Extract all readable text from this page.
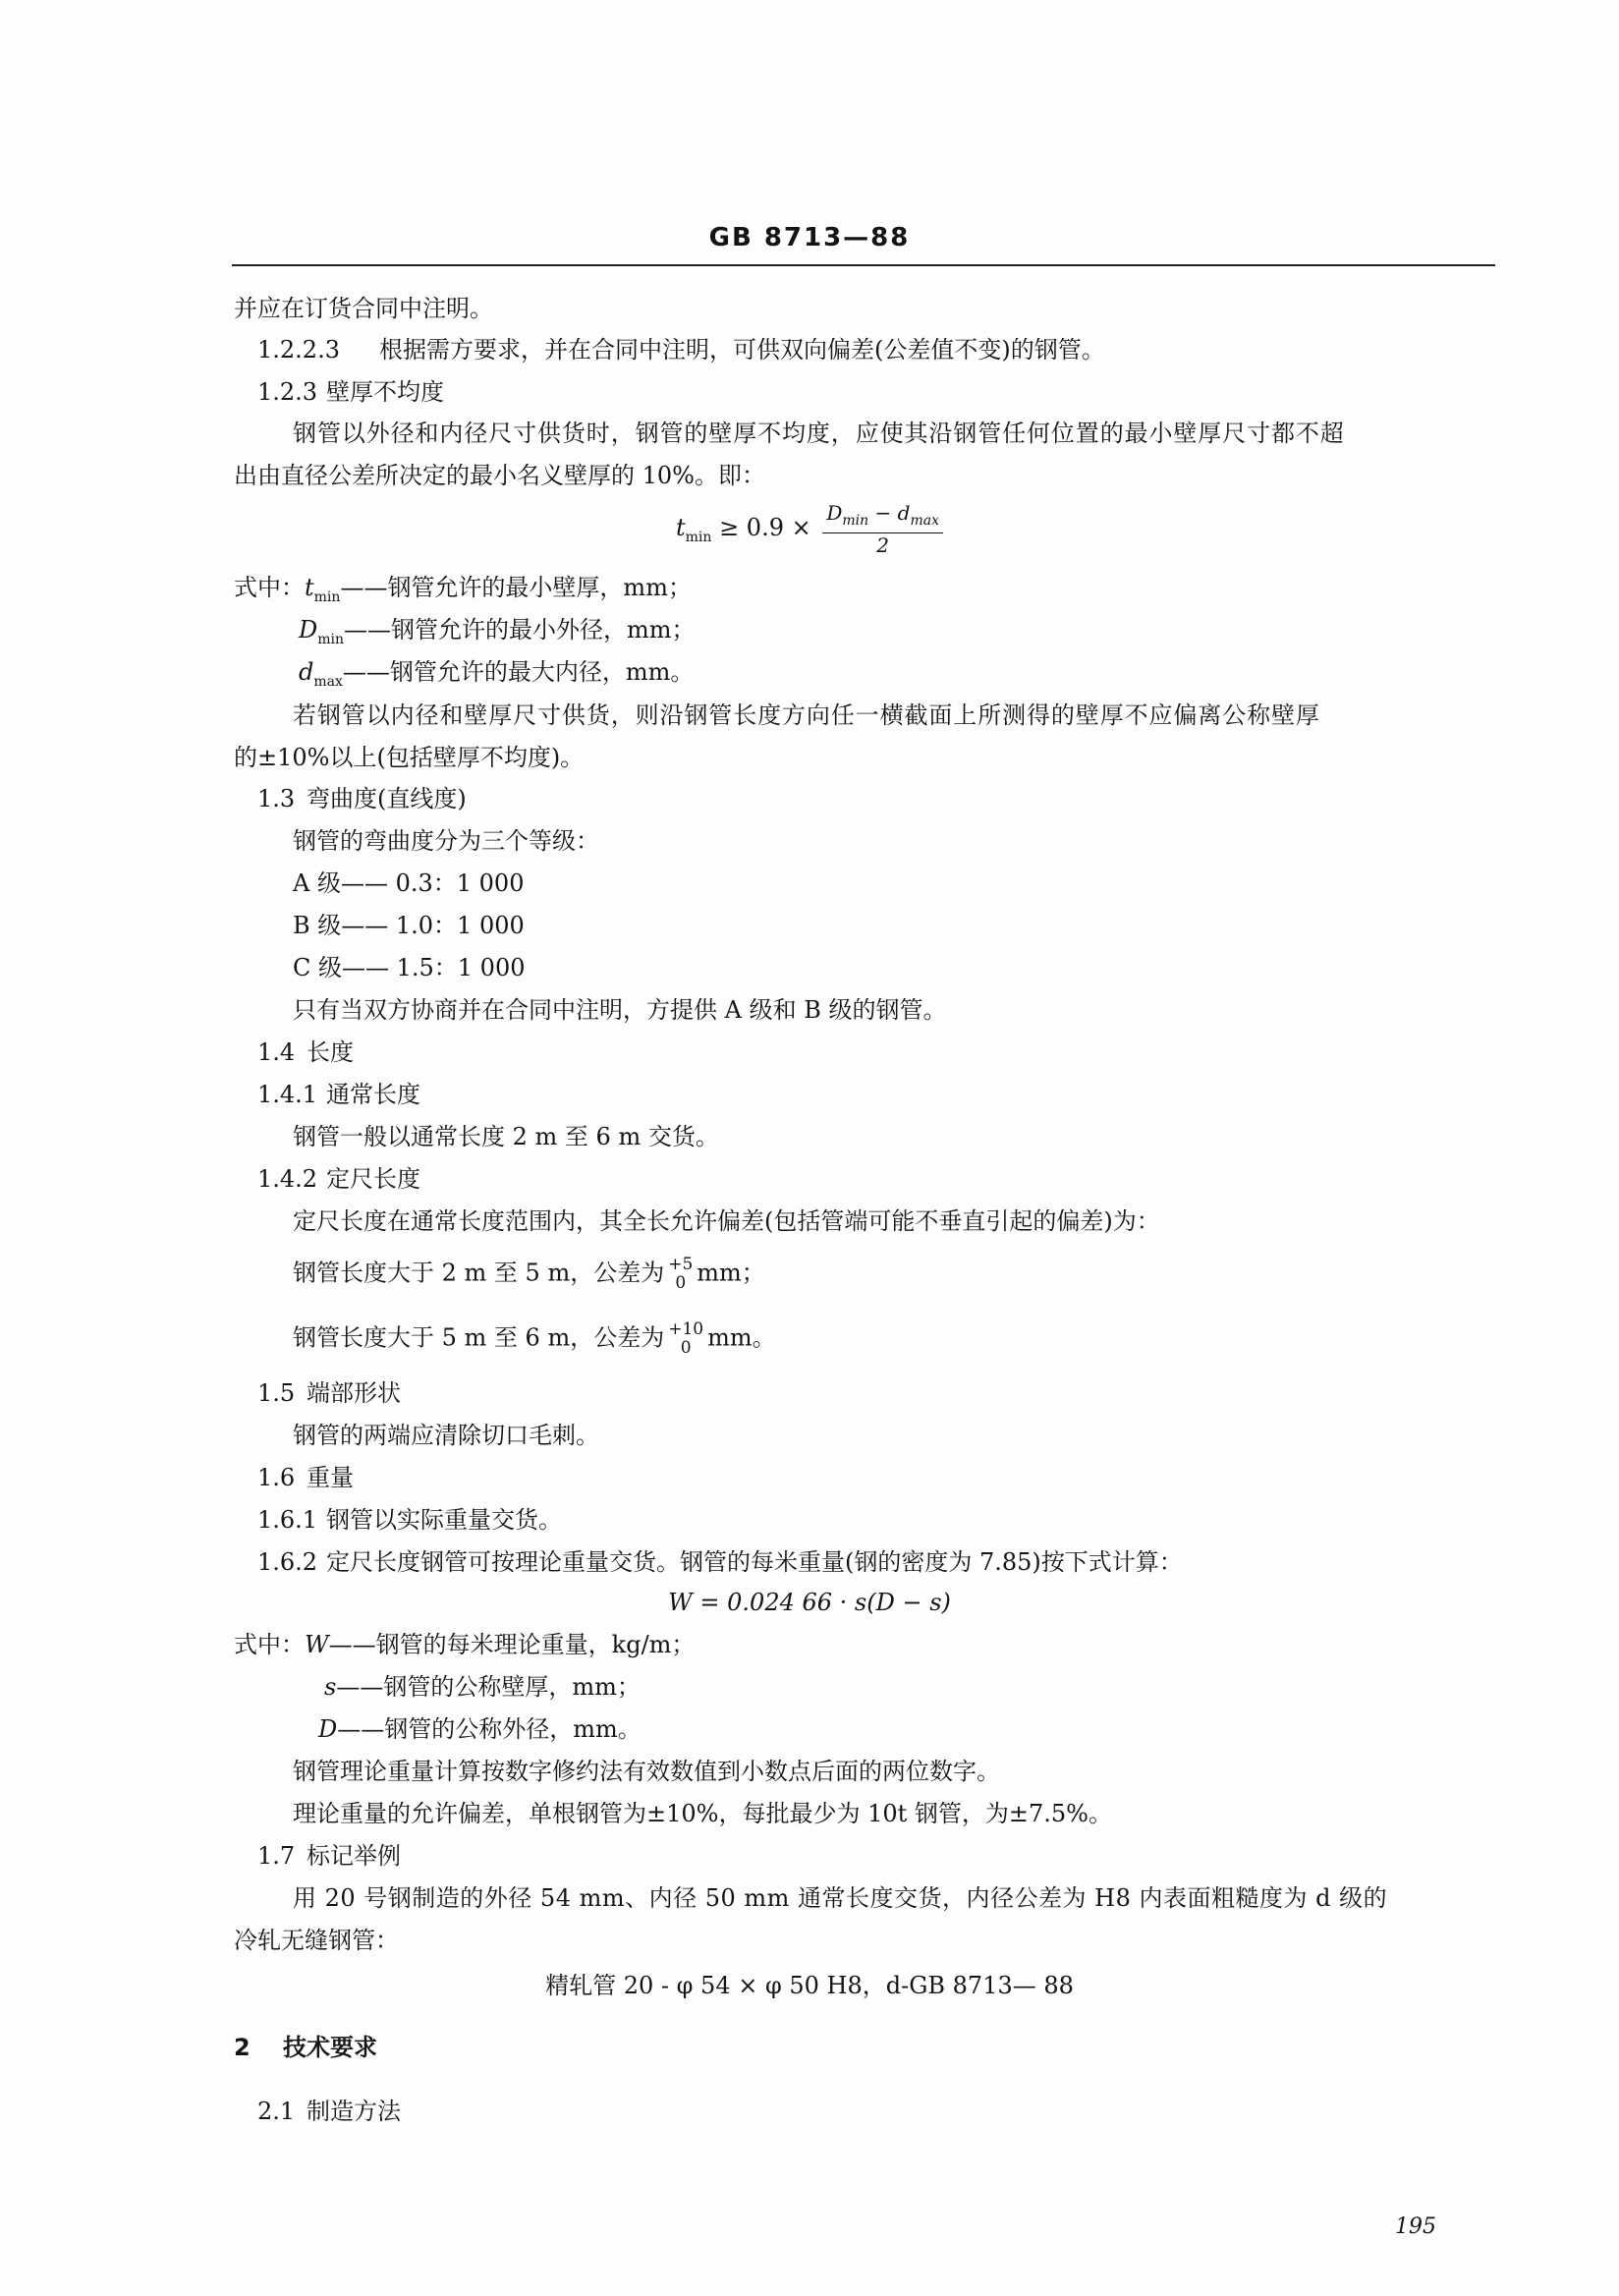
GB 8713—88
并应在订货合同中注明。
1.2.2.3 根据需方要求，并在合同中注明，可供双向偏差(公差值不变)的钢管。
1.2.3 壁厚不均度
钢管以外径和内径尺寸供货时，钢管的壁厚不均度，应使其沿钢管任何位置的最小壁厚尺寸都不超
出由直径公差所决定的最小名义壁厚的 10%。即：
$t_{min} \ge 0.9 \times \frac{D_{min} - d_{max}}{2}$
式中：$t_{min}——$钢管允许的最小壁厚，mm；
$D_{min}——$钢管允许的最小外径，mm；
$d_{max}——$钢管允许的最大内径，mm。
若钢管以内径和壁厚尺寸供货，则沿钢管长度方向任一横截面上所测得的壁厚不应偏离公称壁厚
的±10%以上(包括壁厚不均度)。
1.3 弯曲度(直线度)
钢管的弯曲度分为三个等级：
A 级—— 0.3：1 000
B 级—— 1.0：1 000
C 级—— 1.5：1 000
只有当双方协商并在合同中注明，方提供 A 级和 B 级的钢管。
1.4 长度
1.4.1 通常长度
钢管一般以通常长度 2 m 至 6 m 交货。
1.4.2 定尺长度
定尺长度在通常长度范围内，其全长允许偏差(包括管端可能不垂直引起的偏差)为：
钢管长度大于 2 m 至 5 m，公差为 +5
0 mm；
钢管长度大于 5 m 至 6 m，公差为 +10
0 mm。
1.5 端部形状
钢管的两端应清除切口毛刺。
1.6 重量
1.6.1 钢管以实际重量交货。
1.6.2 定尺长度钢管可按理论重量交货。钢管的每米重量(钢的密度为 7.85)按下式计算：
W = 0.024 66 · s(D − s)
式中：W——钢管的每米理论重量，kg/m；
s——钢管的公称壁厚，mm；
D——钢管的公称外径，mm。
钢管理论重量计算按数字修约法有效数值到小数点后面的两位数字。
理论重量的允许偏差，单根钢管为±10%，每批最少为 10t 钢管，为±7.5%。
1.7 标记举例
用 20 号钢制造的外径 54 mm、内径 50 mm 通常长度交货，内径公差为 H8 内表面粗糙度为 d 级的
冷轧无缝钢管：
精轧管 20 - φ 54 × φ 50 H8，d-GB 8713— 88
2 技术要求
2.1 制造方法
195
